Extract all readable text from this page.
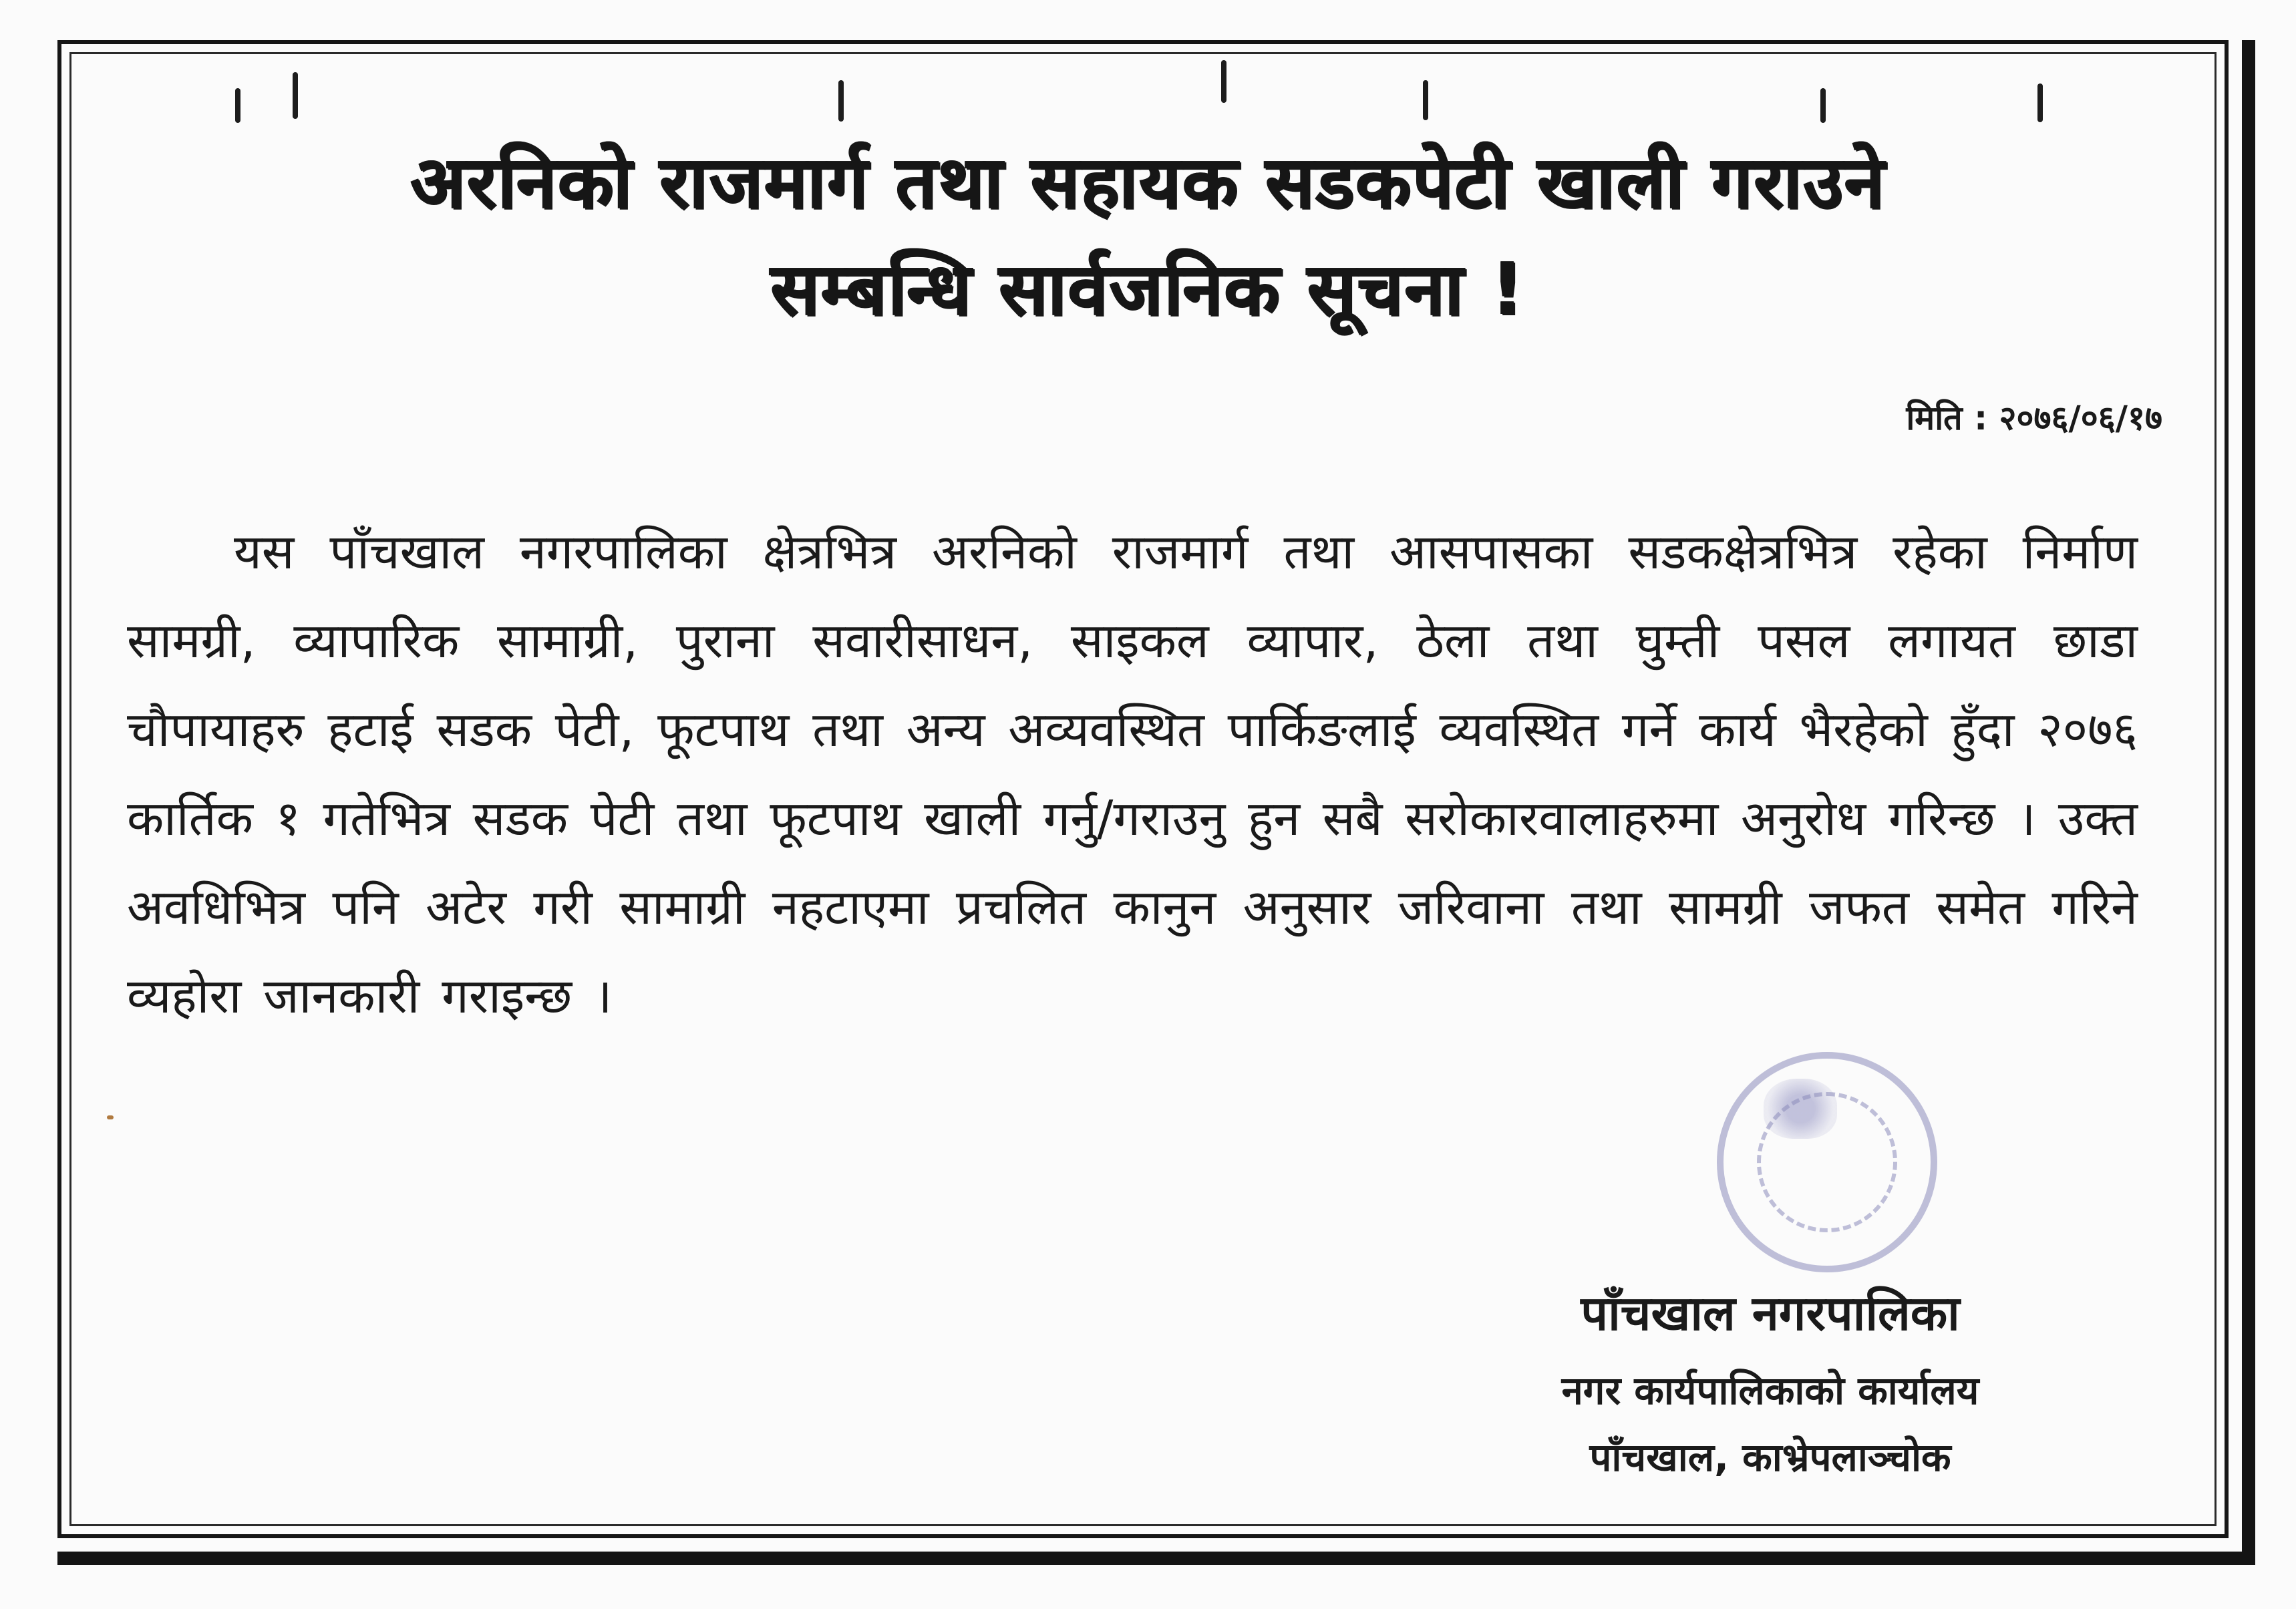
अरनिको राजमार्ग तथा सहायक सडकपेटी खाली गराउने
सम्बन्धि सार्वजनिक सूचना !
मिति : २०७६/०६/१७
यस पाँचखाल नगरपालिका क्षेत्रभित्र अरनिको राजमार्ग तथा आसपासका सडकक्षेत्रभित्र रहेका निर्माण सामग्री, व्यापारिक सामाग्री, पुराना सवारीसाधन, साइकल व्यापार, ठेला तथा घुम्ती पसल लगायत छाडा चौपायाहरु हटाई सडक पेटी, फूटपाथ तथा अन्य अव्यवस्थित पार्किङलाई व्यवस्थित गर्ने कार्य भैरहेको हुँदा २०७६ कार्तिक १ गतेभित्र सडक पेटी तथा फूटपाथ खाली गर्नु/गराउनु हुन सबै सरोकारवालाहरुमा अनुरोध गरिन्छ । उक्त अवधिभित्र पनि अटेर गरी सामाग्री नहटाएमा प्रचलित कानुन अनुसार जरिवाना तथा सामग्री जफत समेत गरिने व्यहोरा जानकारी गराइन्छ ।
पाँचखाल नगरपालिका
नगर कार्यपालिकाको कार्यालय
पाँचखाल, काभ्रेपलाञ्चोक
